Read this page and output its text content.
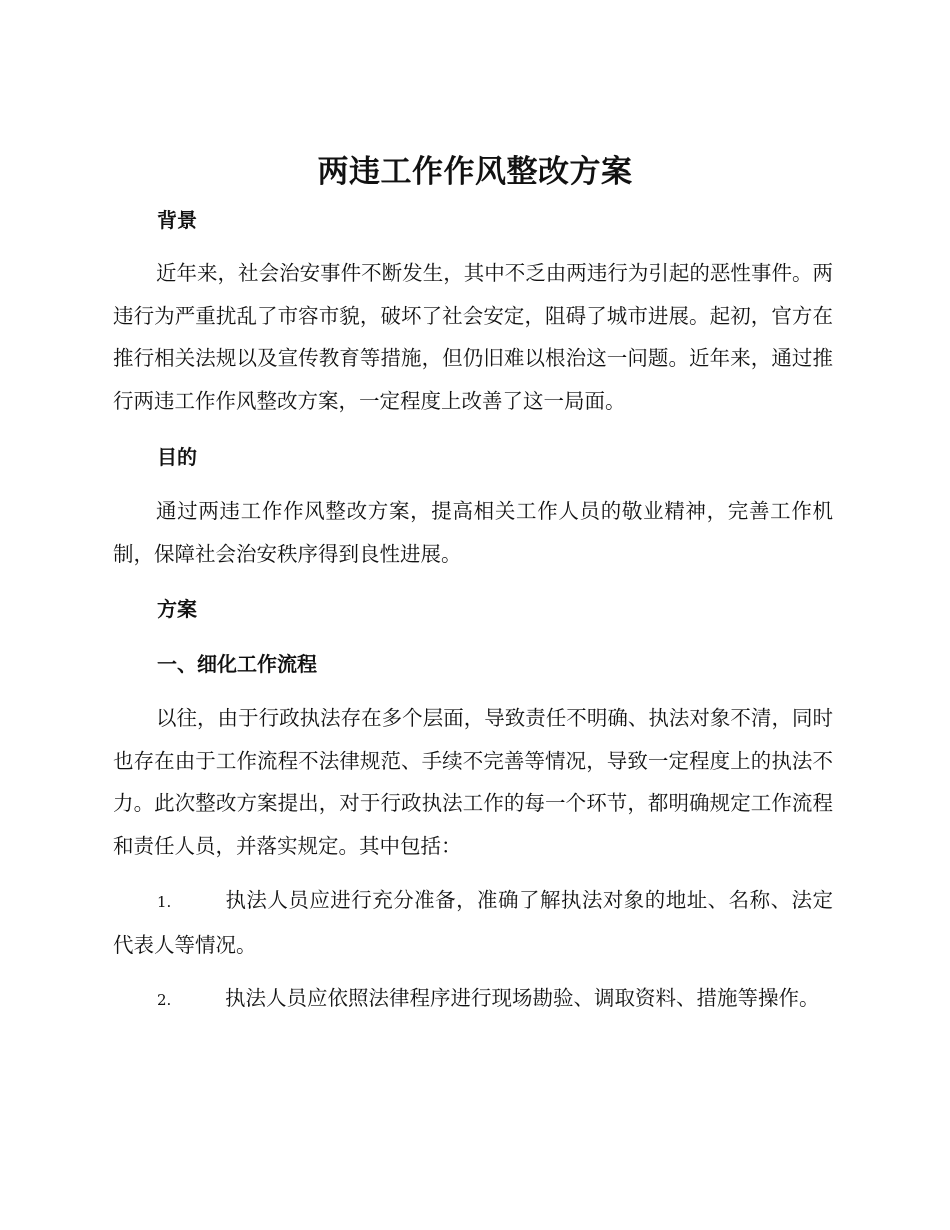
两违工作作风整改方案
背景

近年来，社会治安事件不断发生，其中不乏由两违行为引起的恶性事件。两违行为严重扰乱了市容市貌，破坏了社会安定，阻碍了城市进展。起初，官方在推行相关法规以及宣传教育等措施，但仍旧难以根治这一问题。近年来，通过推行两违工作作风整改方案，一定程度上改善了这一局面。

目的

通过两违工作作风整改方案，提高相关工作人员的敬业精神，完善工作机制，保障社会治安秩序得到良性进展。

方案
一、细化工作流程

以往，由于行政执法存在多个层面，导致责任不明确、执法对象不清，同时也存在由于工作流程不法律规范、手续不完善等情况，导致一定程度上的执法不力。此次整改方案提出，对于行政执法工作的每一个环节，都明确规定工作流程和责任人员，并落实规定。其中包括：

1.	执法人员应进行充分准备，准确了解执法对象的地址、名称、法定代表人等情况。

2.	执法人员应依照法律程序进行现场勘验、调取资料、措施等操作。
